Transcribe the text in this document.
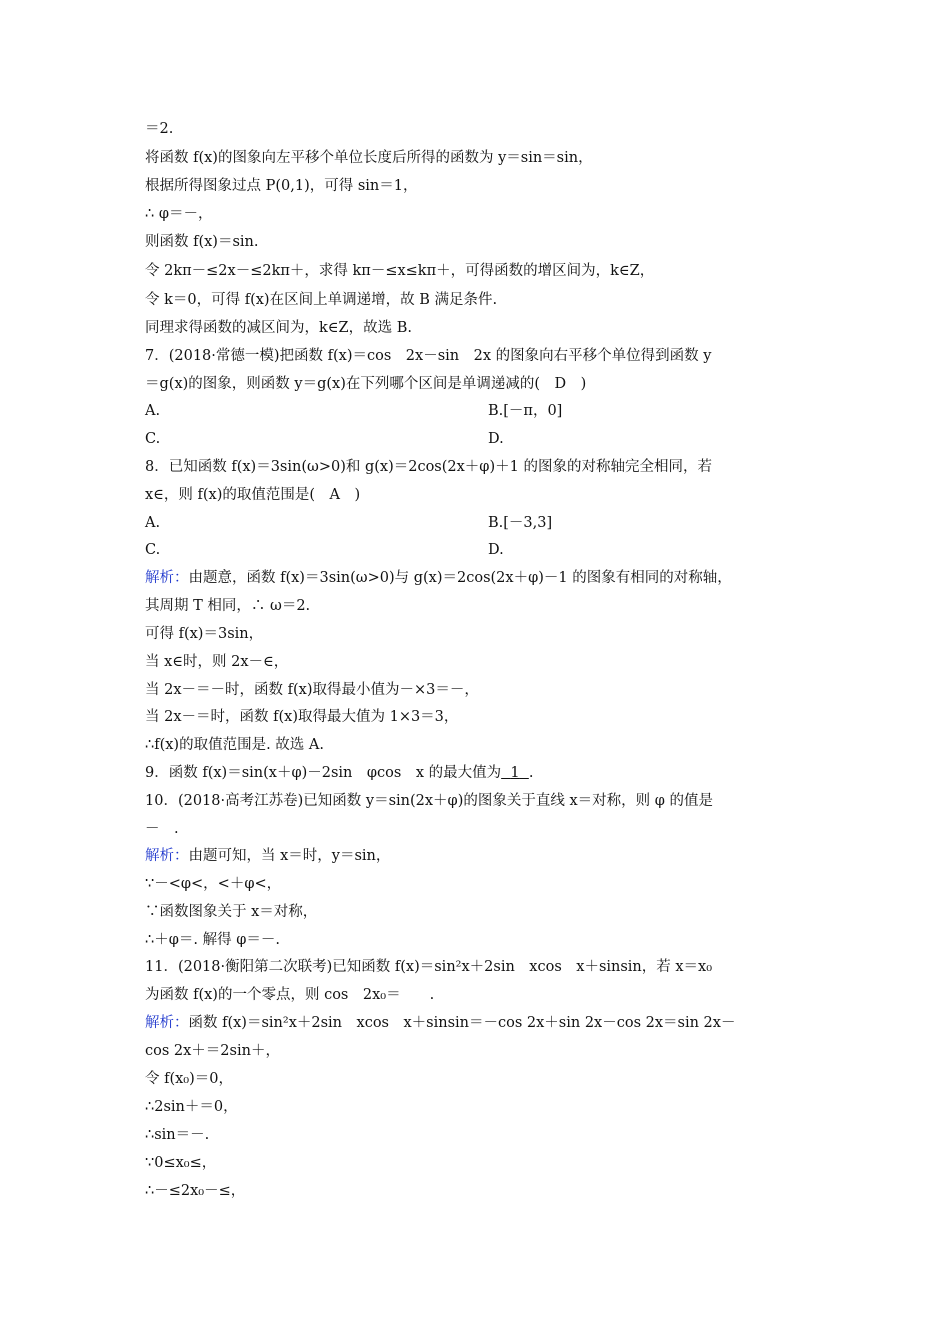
＝2.
将函数 f(x)的图象向左平移个单位长度后所得的函数为 y＝sin＝sin，
根据所得图象过点 P(0,1)，可得 sin＝1，
∴ φ＝－，
则函数 f(x)＝sin.
令 2kπ－≤2x－≤2kπ＋，求得 kπ－≤x≤kπ＋，可得函数的增区间为，k∈Z，
令 k＝0，可得 f(x)在区间上单调递增，故 B 满足条件.
同理求得函数的减区间为，k∈Z，故选 B.
7．(2018·常德一模)把函数 f(x)＝cos　2x－sin　2x 的图象向右平移个单位得到函数 y
＝g(x)的图象，则函数 y＝g(x)在下列哪个区间是单调递减的(　D　)
A.	B.[－π，0]
C.	D.
8．已知函数 f(x)＝3sin(ω>0)和 g(x)＝2cos(2x＋φ)＋1 的图象的对称轴完全相同，若
x∈，则 f(x)的取值范围是(　A　)
A.	B.[－3,3]
C.	D.
解析：由题意，函数 f(x)＝3sin(ω>0)与 g(x)＝2cos(2x＋φ)－1 的图象有相同的对称轴，
其周期 T 相同，∴ ω＝2.
可得 f(x)＝3sin，
当 x∈时，则 2x－∈，
当 2x－＝－时，函数 f(x)取得最小值为－×3＝－，
当 2x－＝时，函数 f(x)取得最大值为 1×3＝3，
∴f(x)的取值范围是. 故选 A.
9．函数 f(x)＝sin(x＋φ)－2sin　φcos　x 的最大值为 1 .
10．(2018·高考江苏卷)已知函数 y＝sin(2x＋φ)的图象关于直线 x＝对称，则 φ 的值是
－　.
解析：由题可知，当 x＝时，y＝sin，
∵－<φ<，<＋φ<，
∵函数图象关于 x＝对称，
∴＋φ＝. 解得 φ＝－.
11．(2018·衡阳第二次联考)已知函数 f(x)＝sin²x＋2sin　xcos　x＋sinsin，若 x＝x₀
为函数 f(x)的一个零点，则 cos　2x₀＝　　.
解析：函数 f(x)＝sin²x＋2sin　xcos　x＋sinsin＝－cos 2x＋sin 2x－cos 2x＝sin 2x－
cos 2x＋＝2sin＋，
令 f(x₀)＝0，
∴2sin＋＝0，
∴sin＝－.
∵0≤x₀≤，
∴－≤2x₀－≤，
